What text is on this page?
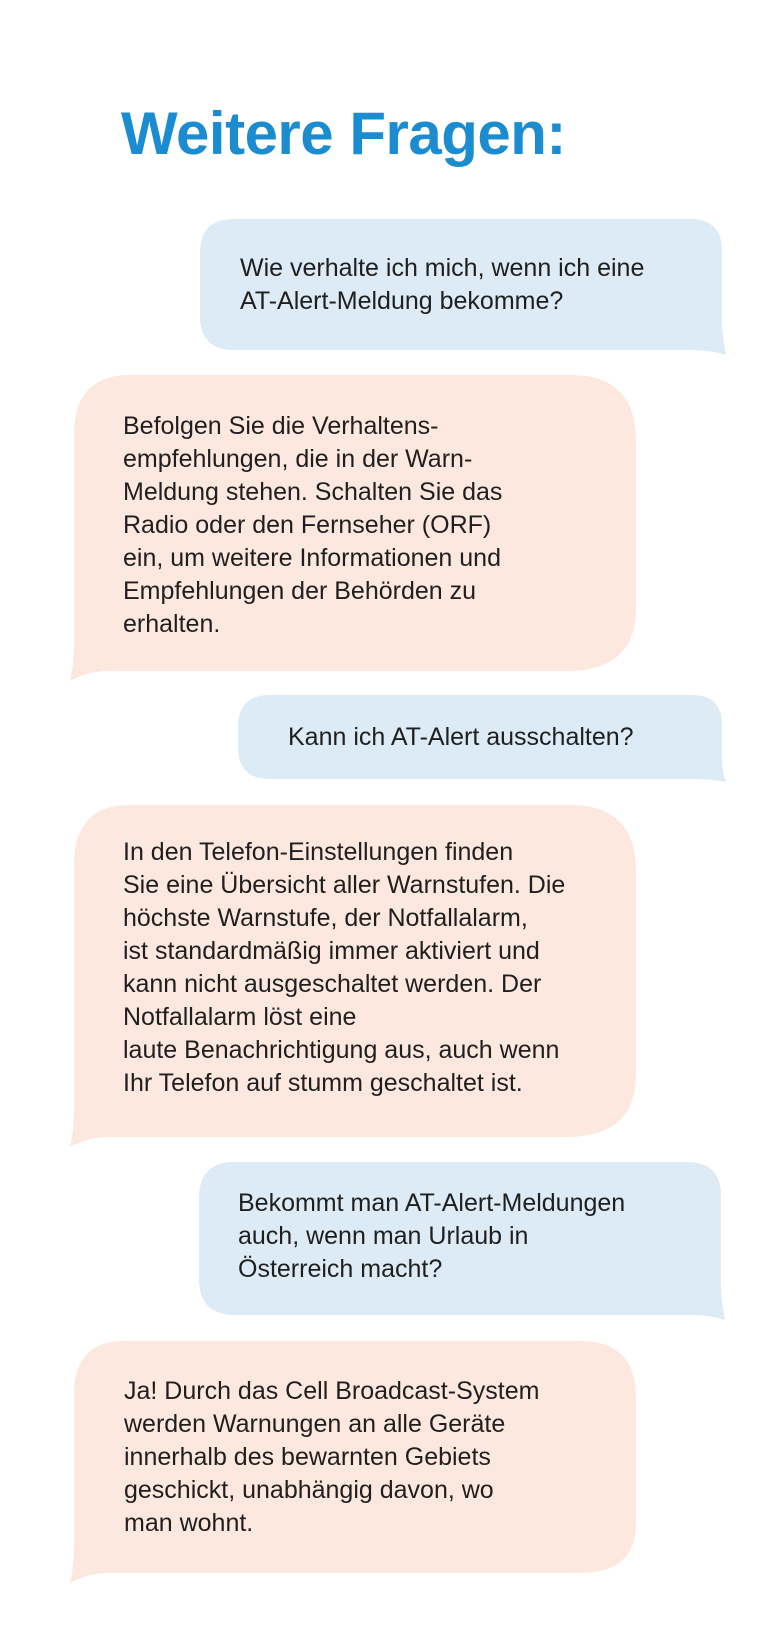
Weitere Fragen:
Wie verhalte ich mich, wenn ich eine
AT-Alert-Meldung bekomme?
Befolgen Sie die Verhaltens-
empfehlungen, die in der Warn-
Meldung stehen. Schalten Sie das
Radio oder den Fernseher (ORF)
ein, um weitere Informationen und
Empfehlungen der Behörden zu
erhalten.
Kann ich AT-Alert ausschalten?
In den Telefon-Einstellungen finden
Sie eine Übersicht aller Warnstufen. Die
höchste Warnstufe, der Notfallalarm,
ist standardmäßig immer aktiviert und
kann nicht ausgeschaltet werden. Der
Notfallalarm löst eine
laute Benachrichtigung aus, auch wenn
Ihr Telefon auf stumm geschaltet ist.
Bekommt man AT-Alert-Meldungen
auch, wenn man Urlaub in
Österreich macht?
Ja! Durch das Cell Broadcast-System
werden Warnungen an alle Geräte
innerhalb des bewarnten Gebiets
geschickt, unabhängig davon, wo
man wohnt.
